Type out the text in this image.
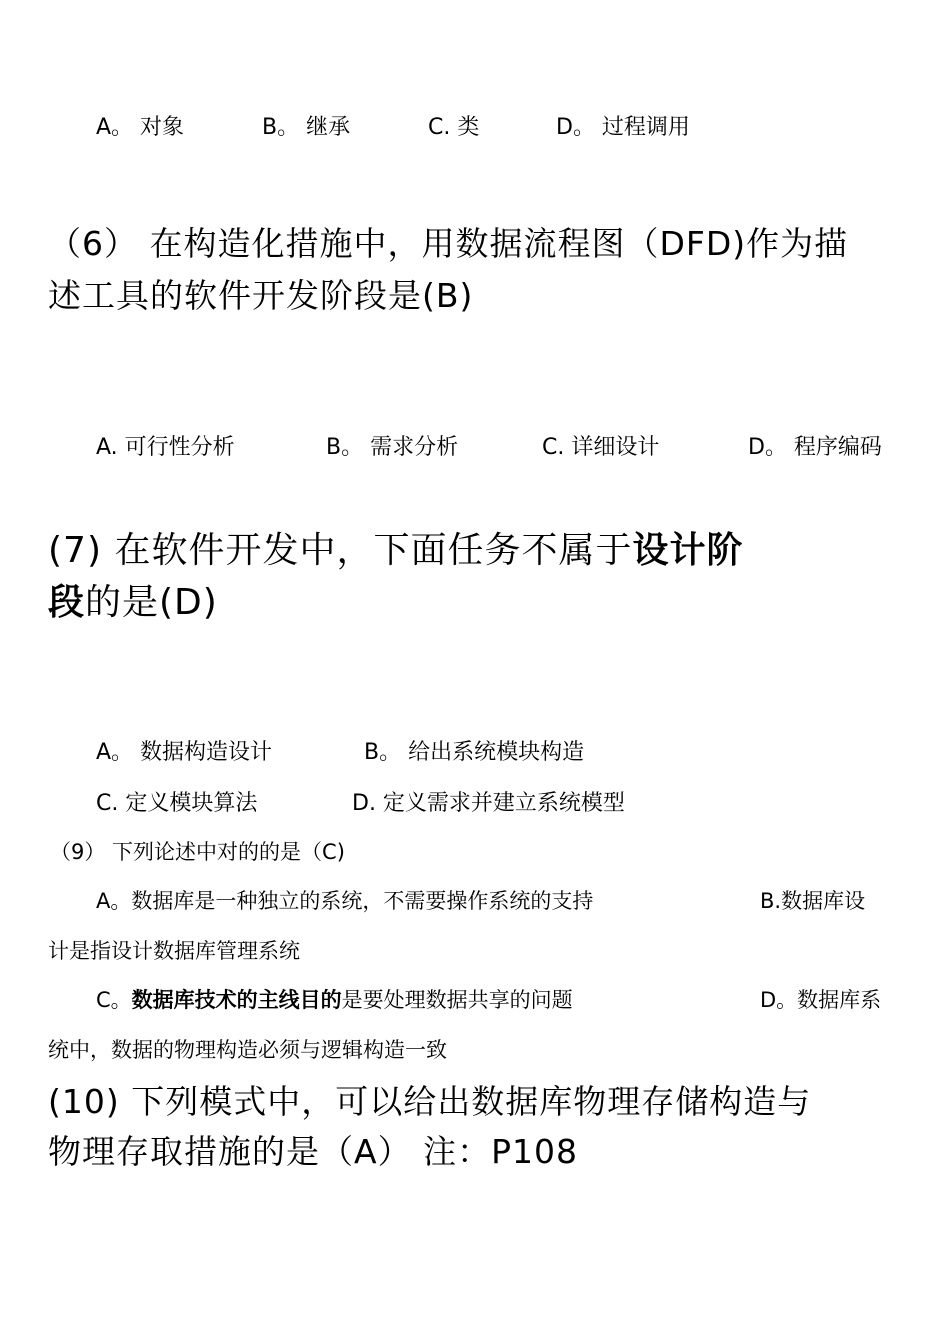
A。 对象	B。 继承	C. 类	D。 过程调用
（6） 在构造化措施中，用数据流程图（DFD)作为描
述工具的软件开发阶段是(B)
A. 可行性分析	B。 需求分析	C. 详细设计	D。 程序编码
(7) 在软件开发中，下面任务不属于设计阶
段的是(D)
A。 数据构造设计	B。 给出系统模块构造
C. 定义模块算法	D. 定义需求并建立系统模型
（9） 下列论述中对的的是（C)
A。数据库是一种独立的系统，不需要操作系统的支持	B.数据库设
计是指设计数据库管理系统
C。数据库技术的主线目的是要处理数据共享的问题	D。数据库系
统中，数据的物理构造必须与逻辑构造一致
(10) 下列模式中，可以给出数据库物理存储构造与
物理存取措施的是（A） 注：P108
